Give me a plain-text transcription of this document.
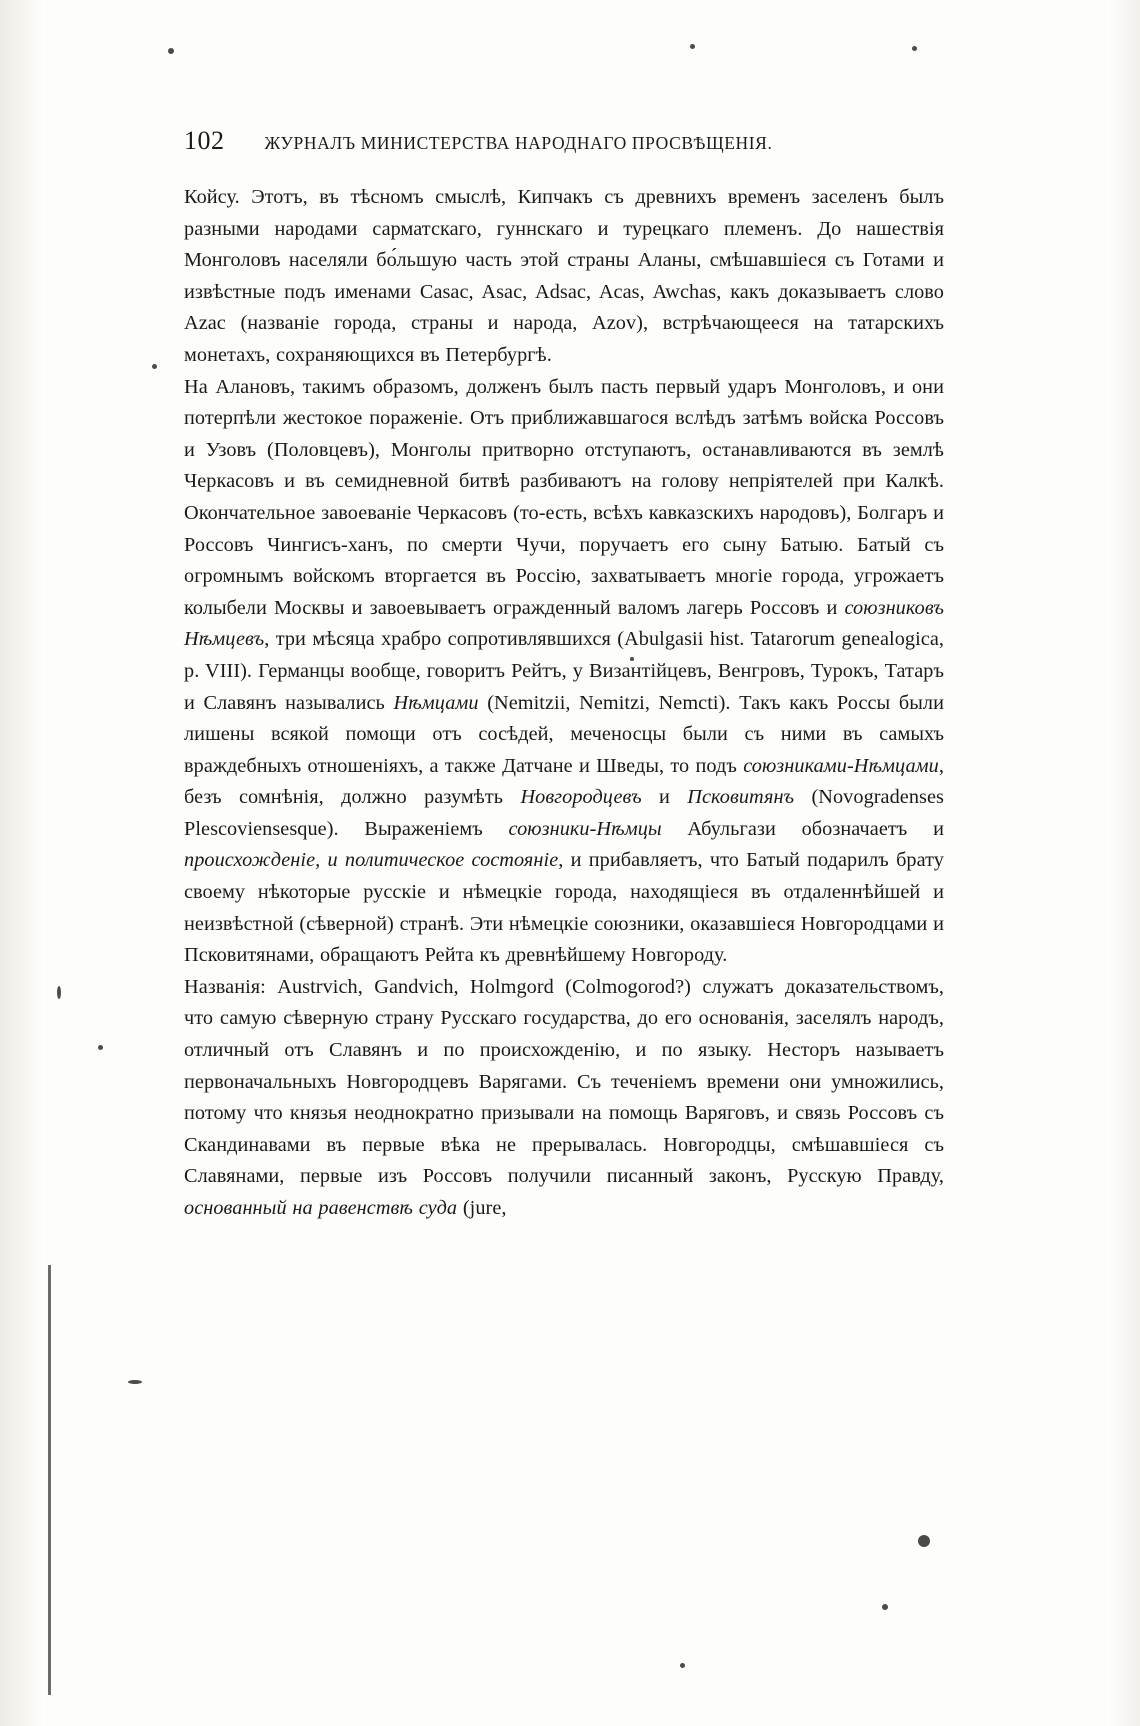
102 ЖУРНАЛЪ МИНИСТЕРСТВА НАРОДНАГО ПРОСВѢЩЕНІЯ.

Койсу. Этотъ, въ тѣсномъ смыслѣ, Кипчакъ съ древнихъ временъ заселенъ былъ разными народами сарматскаго, гуннскаго и турецкаго племенъ. До нашествія Монголовъ населяли бо́льшую часть этой страны Аланы, смѣшавшіеся съ Готами и извѣстные подъ именами Casac, Asac, Adsac, Acas, Awchas, какъ доказываетъ слово Azac (названіе города, страны и народа, Azov), встрѣчающееся на татарскихъ монетахъ, сохраняющихся въ Петербургѣ.

На Алановъ, такимъ образомъ, долженъ былъ пасть первый ударъ Монголовъ, и они потерпѣли жестокое пораженіе. Отъ приближавшагося вслѣдъ затѣмъ войска Россовъ и Узовъ (Половцевъ), Монголы притворно отступаютъ, останавливаются въ землѣ Черкасовъ и въ семидневной битвѣ разбиваютъ на голову непріятелей при Калкѣ. Окончательное завоеваніе Черкасовъ (то-есть, всѣхъ кавказскихъ народовъ), Болгаръ и Россовъ Чингисъ-ханъ, по смерти Чучи, поручаетъ его сыну Батыю. Батый съ огромнымъ войскомъ вторгается въ Россію, захватываетъ многіе города, угрожаетъ колыбели Москвы и завоевываетъ огражденный валомъ лагерь Россовъ и союзниковъ Нѣмцевъ, три мѣсяца храбро сопротивлявшихся (Abulgasii hist. Tatarorum genealogica, p. VIII). Германцы вообще, говоритъ Рейтъ, у Византійцевъ, Венгровъ, Турокъ, Татаръ и Славянъ назывались Нѣмцами (Nemitzii, Nemitzi, Nemcti). Такъ какъ Россы были лишены всякой помощи отъ сосѣдей, меченосцы были съ ними въ самыхъ враждебныхъ отношеніяхъ, а также Датчане и Шведы, то подъ союзниками-Нѣмцами, безъ сомнѣнія, должно разумѣть Новгородцевъ и Псковитянъ (Novogradenses Plescoviensesque). Выраженіемъ союзники-Нѣмцы Абульгази обозначаетъ и происхожденіе, и политическое состояніе, и прибавляетъ, что Батый подарилъ брату своему нѣкоторые русскіе и нѣмецкіе города, находящіеся въ отдаленнѣйшей и неизвѣстной (сѣверной) странѣ. Эти нѣмецкіе союзники, оказавшіеся Новгородцами и Псковитянами, обращаютъ Рейта къ древнѣйшему Новгороду.

Названія: Austrvich, Gandvich, Holmgord (Colmogorod?) служатъ доказательствомъ, что самую сѣверную страну Русскаго государства, до его основанія, заселялъ народъ, отличный отъ Славянъ и по происхожденію, и по языку. Несторъ называетъ первоначальныхъ Новгородцевъ Варягами. Съ теченіемъ времени они умножились, потому что князья неоднократно призывали на помощь Варяговъ, и связь Россовъ съ Скандинавами въ первые вѣка не прерывалась. Новгородцы, смѣшавшіеся съ Славянами, первые изъ Россовъ получили писанный законъ, Русскую Правду, основанный на равенствѣ суда (jure,
